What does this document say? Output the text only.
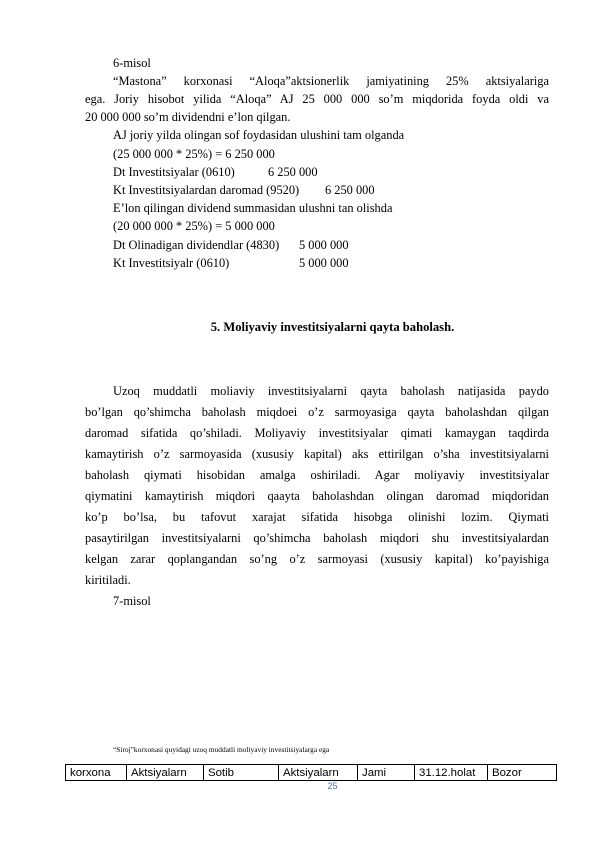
6-misol
“Mastona” korxonasi “Aloqa”aktsionerlik jamiyatining 25% aktsiyalariga
ega. Joriy hisobot yilida “Aloqa” AJ 25 000 000 so’m miqdorida foyda oldi va
20 000 000 so’m dividendni e’lon qilgan.
AJ joriy yilda olingan sof foydasidan ulushini tam olganda
(25 000 000 * 25%) = 6 250 000
Dt Investitsiyalar (0610)	6 250 000
Kt Investitsiyalardan daromad (9520) 6 250 000
E’lon qilingan dividend summasidan ulushni tan olishda
(20 000 000 * 25%) = 5 000 000
Dt Olinadigan dividendlar (4830) 5 000 000
Kt Investitsiyalr (0610)	5 000 000
5. Moliyaviy investitsiyalarni qayta baholash.
Uzoq muddatli moliaviy investitsiyalarni qayta baholash natijasida paydo
bo’lgan qo’shimcha baholash miqdoei o’z sarmoyasiga qayta baholashdan qilgan
daromad sifatida qo’shiladi. Moliyaviy investitsiyalar qimati kamaygan taqdirda
kamaytirish o’z sarmoyasida (xususiy kapital) aks ettirilgan o’sha investitsiyalarni
baholash qiymati hisobidan amalga oshiriladi. Agar moliyaviy investitsiyalar
qiymatini kamaytirish miqdori qaayta baholashdan olingan daromad miqdoridan
ko’p bo’lsa, bu tafovut xarajat sifatida hisobga olinishi lozim. Qiymati
pasaytirilgan investitsiyalarni qo’shimcha baholash miqdori shu investitsiyalardan
kelgan zarar qoplangandan so’ng o’z sarmoyasi (xususiy kapital) ko’payishiga
kiritiladi.
7-misol
“Siroj”korxonasi quyidagi uzoq muddatli moliyaviy investitsiyalarga ega
korxona	Aktsiyalarn	Sotib	Aktsiyalarn	Jami	31.12.holat	Bozor
25
